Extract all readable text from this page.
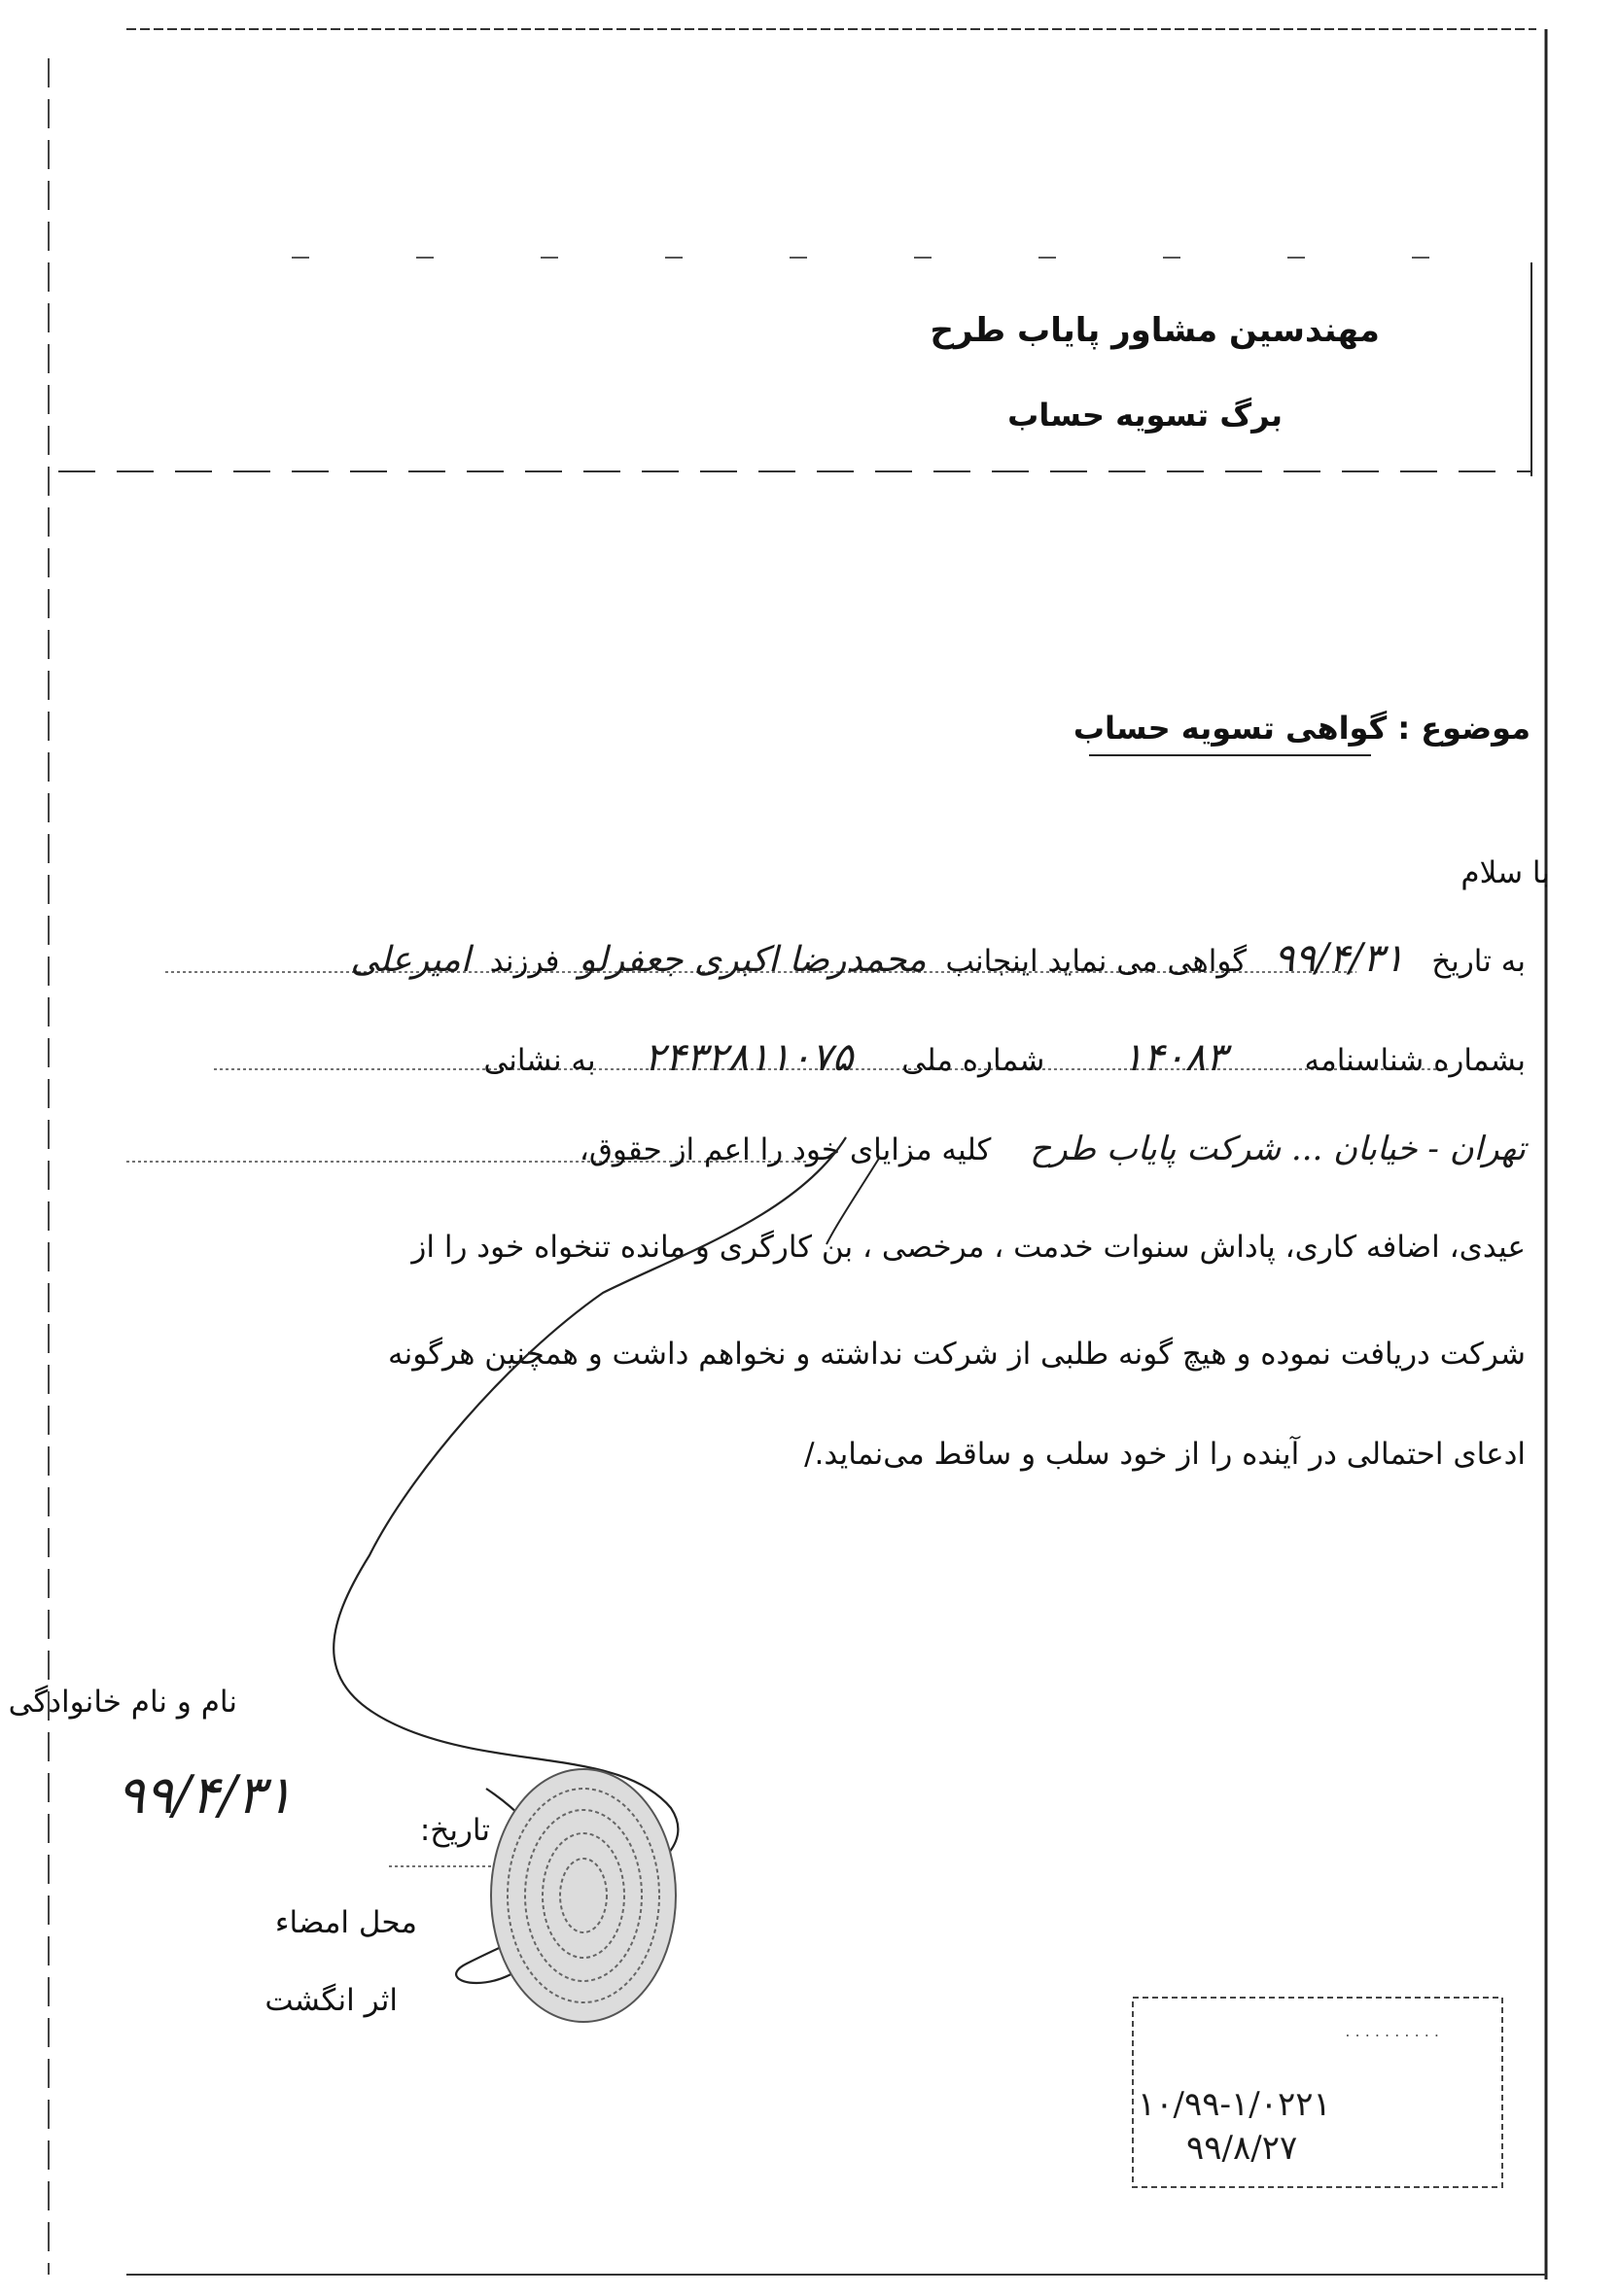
مهندسین مشاور پایاب طرح
برگ تسویه حساب
موضوع : گواهی تسویه حساب
با سلام
به تاریخ ۹۹/۴/۳۱ گواهی می نماید اینجانب محمدرضا اکبری جعفرلو فرزند امیرعلی
بشماره شناسنامه ۱۴۰۸۳ شماره ملی ۲۴۳۲۸۱۱۰۷۵ به نشانی
تهران - خیابان ... شرکت پایاب طرح کلیه مزایای خود را اعم از حقوق،
عیدی، اضافه کاری، پاداش سنوات خدمت ، مرخصی ، بن کارگری و مانده تنخواه خود را از
شرکت دریافت نموده و هیچ گونه طلبی از شرکت نداشته و نخواهم داشت و همچنین هرگونه
ادعای احتمالی در آینده را از خود سلب و ساقط می‌نماید./
نام و نام خانوادگی
۹۹/۴/۳۱
تاریخ:
محل امضاء
اثر انگشت
. . . . . . . . . .
۱۰/۹۹-۱/۰۲۲۱
۹۹/۸/۲۷
